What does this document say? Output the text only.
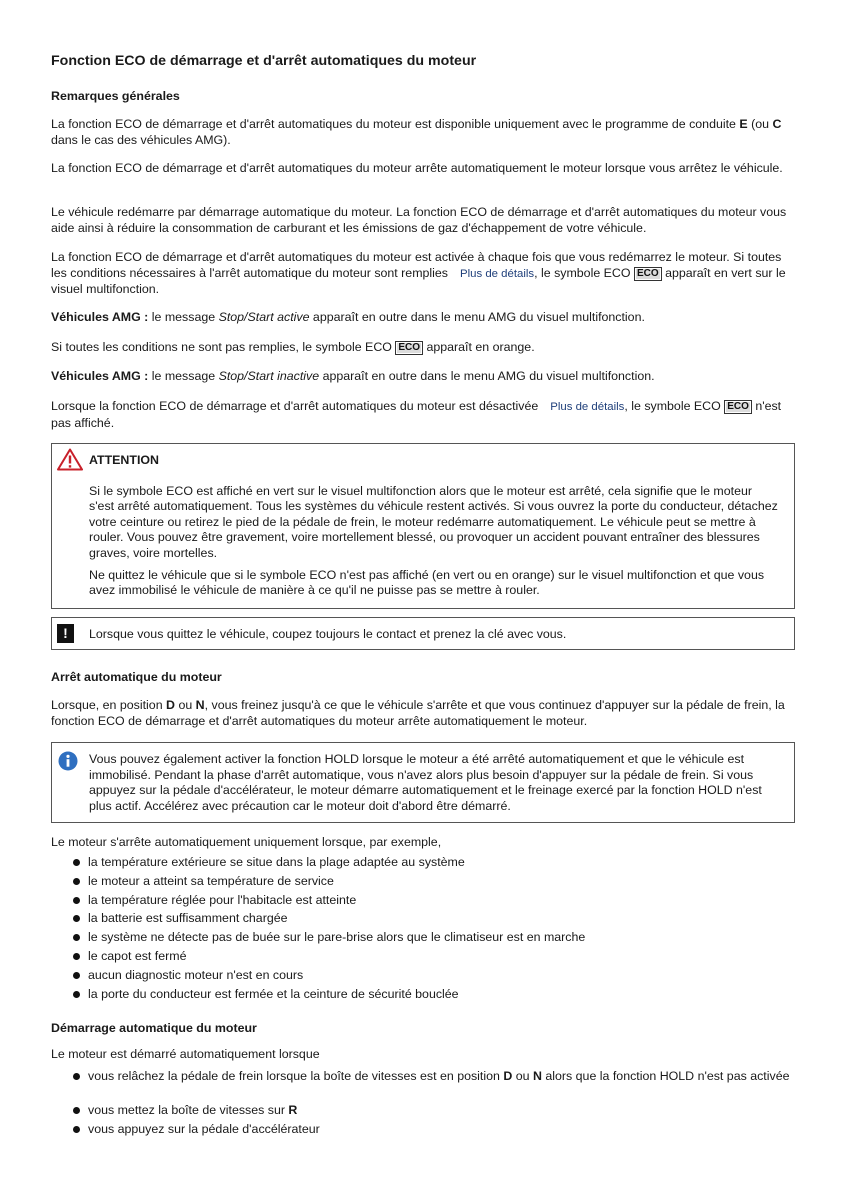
Fonction ECO de démarrage et d'arrêt automatiques du moteur
Remarques générales

La fonction ECO de démarrage et d'arrêt automatiques du moteur est disponible uniquement avec le programme de conduite E (ou C dans le cas des véhicules AMG).

La fonction ECO de démarrage et d'arrêt automatiques du moteur arrête automatiquement le moteur lorsque vous arrêtez le véhicule.

Le véhicule redémarre par démarrage automatique du moteur. La fonction ECO de démarrage et d'arrêt automatiques du moteur vous aide ainsi à réduire la consommation de carburant et les émissions de gaz d'échappement de votre véhicule.

La fonction ECO de démarrage et d'arrêt automatiques du moteur est activée à chaque fois que vous redémarrez le moteur. Si toutes les conditions nécessaires à l'arrêt automatique du moteur sont remplies Plus de détails, le symbole ECO ECO apparaît en vert sur le visuel multifonction.

Véhicules AMG : le message Stop/Start active apparaît en outre dans le menu AMG du visuel multifonction.

Si toutes les conditions ne sont pas remplies, le symbole ECO ECO apparaît en orange.

Véhicules AMG : le message Stop/Start inactive apparaît en outre dans le menu AMG du visuel multifonction.

Lorsque la fonction ECO de démarrage et d'arrêt automatiques du moteur est désactivée Plus de détails, le symbole ECO ECO n'est pas affiché.

ATTENTION

Si le symbole ECO est affiché en vert sur le visuel multifonction alors que le moteur est arrêté, cela signifie que le moteur s'est arrêté automatiquement. Tous les systèmes du véhicule restent activés. Si vous ouvrez la porte du conducteur, détachez votre ceinture ou retirez le pied de la pédale de frein, le moteur redémarre automatiquement. Le véhicule peut se mettre à rouler. Vous pouvez être gravement, voire mortellement blessé, ou provoquer un accident pouvant entraîner des blessures graves, voire mortelles.

Ne quittez le véhicule que si le symbole ECO n'est pas affiché (en vert ou en orange) sur le visuel multifonction et que vous avez immobilisé le véhicule de manière à ce qu'il ne puisse pas se mettre à rouler.

!	Lorsque vous quittez le véhicule, coupez toujours le contact et prenez la clé avec vous.

Arrêt automatique du moteur

Lorsque, en position D ou N, vous freinez jusqu'à ce que le véhicule s'arrête et que vous continuez d'appuyer sur la pédale de frein, la fonction ECO de démarrage et d'arrêt automatiques du moteur arrête automatiquement le moteur.

Vous pouvez également activer la fonction HOLD lorsque le moteur a été arrêté automatiquement et que le véhicule est immobilisé. Pendant la phase d'arrêt automatique, vous n'avez alors plus besoin d'appuyer sur la pédale de frein. Si vous appuyez sur la pédale d'accélérateur, le moteur démarre automatiquement et le freinage exercé par la fonction HOLD n'est plus actif. Accélérez avec précaution car le moteur doit d'abord être démarré.

Le moteur s'arrête automatiquement uniquement lorsque, par exemple,

la température extérieure se situe dans la plage adaptée au système
le moteur a atteint sa température de service
la température réglée pour l'habitacle est atteinte
la batterie est suffisamment chargée
le système ne détecte pas de buée sur le pare-brise alors que le climatiseur est en marche
le capot est fermé
aucun diagnostic moteur n'est en cours
la porte du conducteur est fermée et la ceinture de sécurité bouclée
Démarrage automatique du moteur

Le moteur est démarré automatiquement lorsque

vous relâchez la pédale de frein lorsque la boîte de vitesses est en position D ou N alors que la fonction HOLD n'est pas activée
vous mettez la boîte de vitesses sur R
vous appuyez sur la pédale d'accélérateur
